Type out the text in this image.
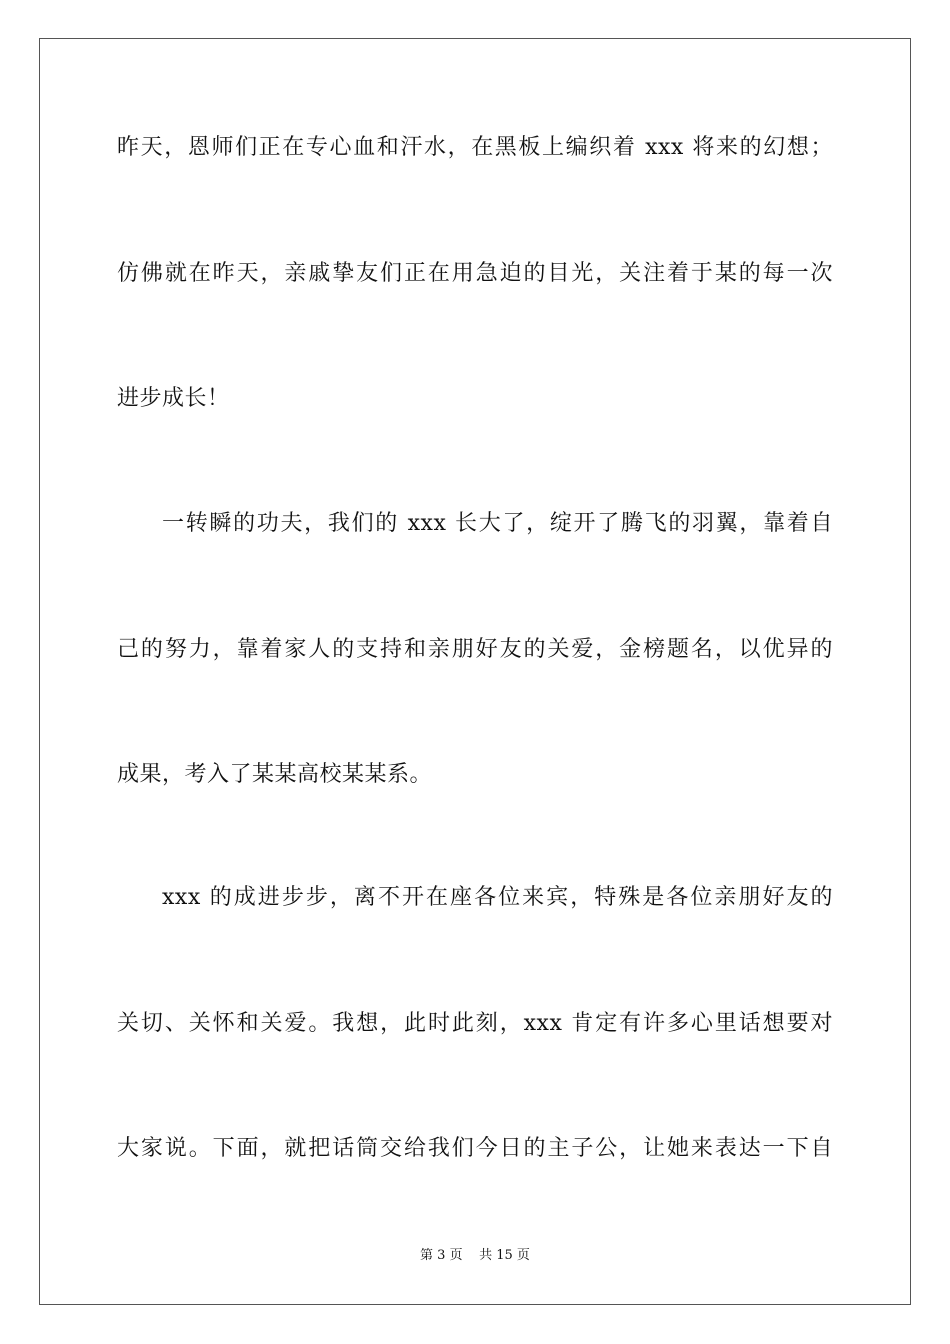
昨天，恩师们正在专心血和汗水，在黑板上编织着 xxx 将来的幻想；
仿佛就在昨天，亲戚挚友们正在用急迫的目光，关注着于某的每一次
进步成长！
一转瞬的功夫，我们的 xxx 长大了，绽开了腾飞的羽翼，靠着自
己的努力，靠着家人的支持和亲朋好友的关爱，金榜题名，以优异的
成果，考入了某某高校某某系。
xxx 的成进步步，离不开在座各位来宾，特殊是各位亲朋好友的
关切、关怀和关爱。我想，此时此刻，xxx 肯定有许多心里话想要对
大家说。下面，就把话筒交给我们今日的主子公，让她来表达一下自
第 3 页 共 15 页
